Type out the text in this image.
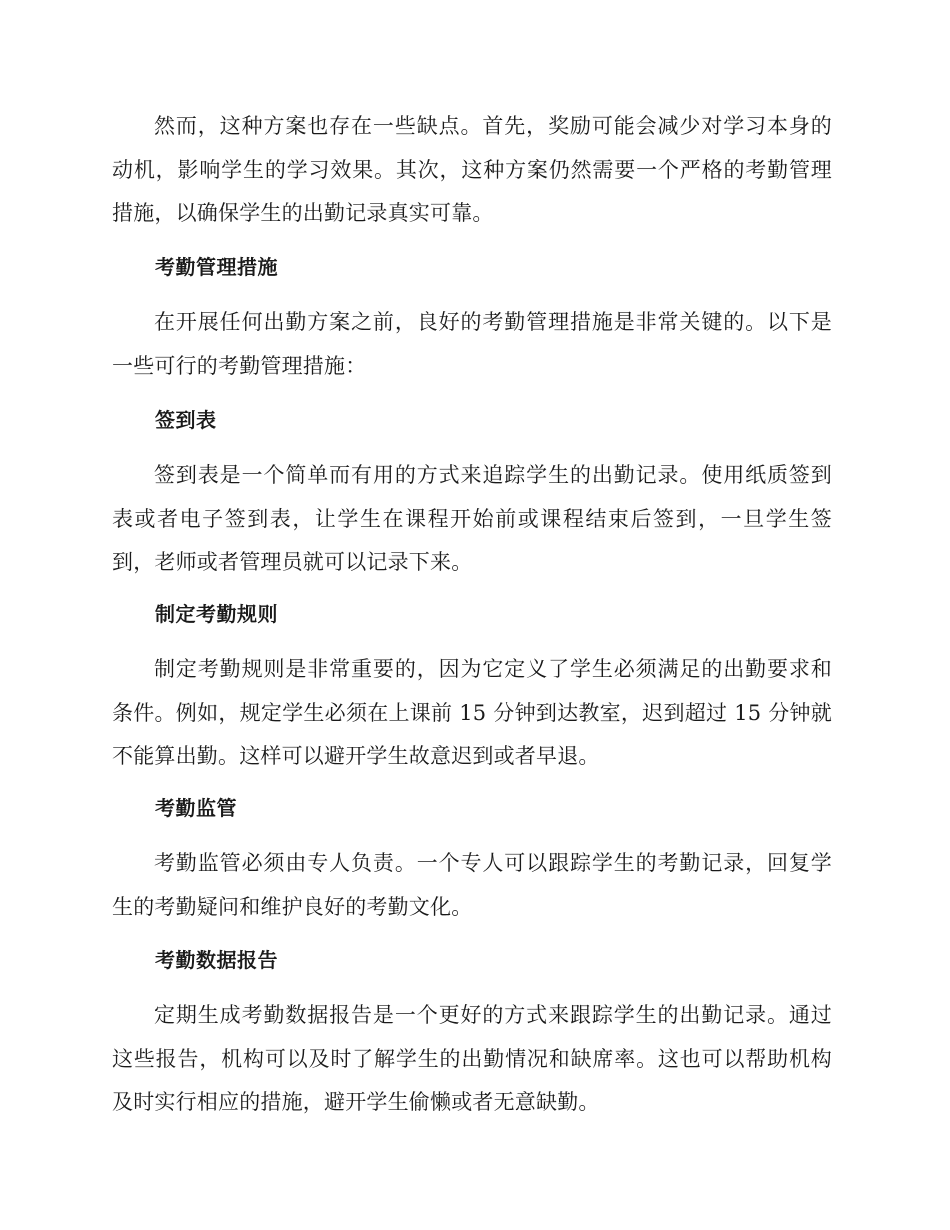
然而，这种方案也存在一些缺点。首先，奖励可能会减少对学习本身的动机，影响学生的学习效果。其次，这种方案仍然需要一个严格的考勤管理措施，以确保学生的出勤记录真实可靠。

考勤管理措施

在开展任何出勤方案之前，良好的考勤管理措施是非常关键的。以下是一些可行的考勤管理措施：

签到表

签到表是一个简单而有用的方式来追踪学生的出勤记录。使用纸质签到表或者电子签到表，让学生在课程开始前或课程结束后签到，一旦学生签到，老师或者管理员就可以记录下来。

制定考勤规则

制定考勤规则是非常重要的，因为它定义了学生必须满足的出勤要求和条件。例如，规定学生必须在上课前 15 分钟到达教室，迟到超过 15 分钟就不能算出勤。这样可以避开学生故意迟到或者早退。

考勤监管

考勤监管必须由专人负责。一个专人可以跟踪学生的考勤记录，回复学生的考勤疑问和维护良好的考勤文化。

考勤数据报告

定期生成考勤数据报告是一个更好的方式来跟踪学生的出勤记录。通过这些报告，机构可以及时了解学生的出勤情况和缺席率。这也可以帮助机构及时实行相应的措施，避开学生偷懒或者无意缺勤。
